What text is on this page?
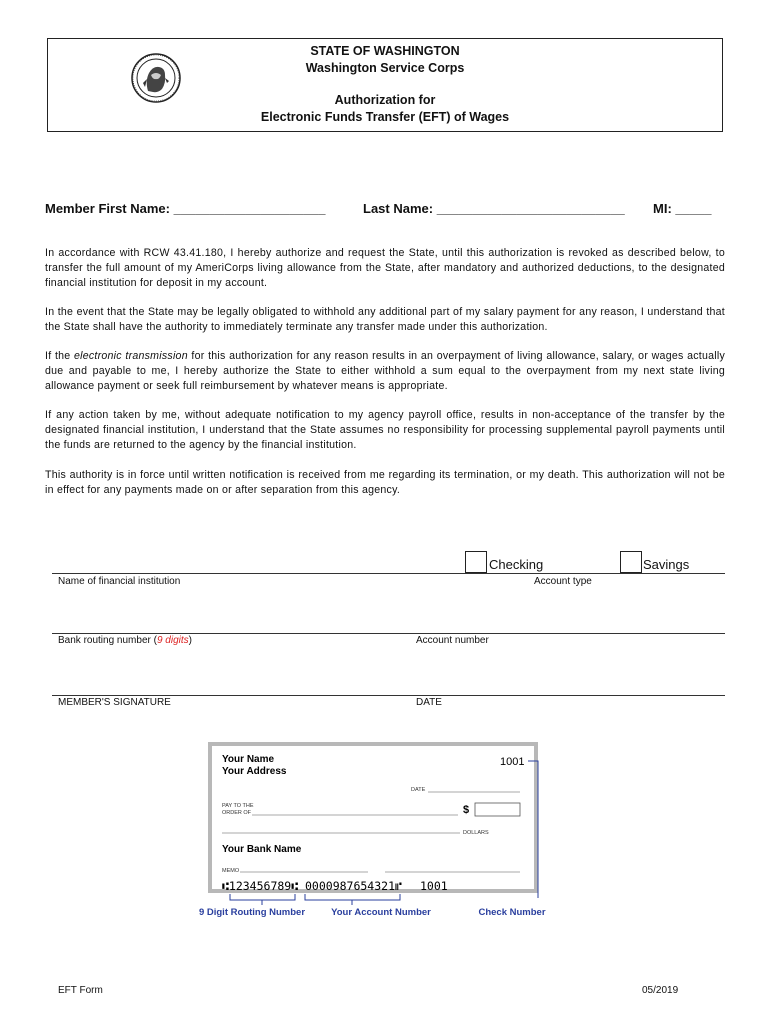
STATE OF WASHINGTON
Washington Service Corps
Authorization for
Electronic Funds Transfer (EFT) of Wages
Member First Name: _____________________	Last Name: __________________________ MI: _____
In accordance with RCW 43.41.180, I hereby authorize and request the State, until this authorization is revoked as described below, to transfer the full amount of my AmeriCorps living allowance from the State, after mandatory and authorized deductions, to the designated financial institution for deposit in my account.
In the event that the State may be legally obligated to withhold any additional part of my salary payment for any reason, I understand that the State shall have the authority to immediately terminate any transfer made under this authorization.
If the electronic transmission for this authorization for any reason results in an overpayment of living allowance, salary, or wages actually due and payable to me, I hereby authorize the State to either withhold a sum equal to the overpayment from my next state living allowance payment or seek full reimbursement by whatever means is appropriate.
If any action taken by me, without adequate notification to my agency payroll office, results in non-acceptance of the transfer by the designated financial institution, I understand that the State assumes no responsibility for processing supplemental payroll payments until the funds are returned to the agency by the financial institution.
This authority is in force until written notification is received from me regarding its termination, or my death. This authorization will not be in effect for any payments made on or after separation from this agency.
Checking	Savings
Name of financial institution	Account type
Bank routing number (9 digits)	Account number
MEMBER'S SIGNATURE	DATE
Your Name
Your Address
1001
DATE
PAY TO THE
ORDER OF	$
DOLLARS
Your Bank Name
MEMO
⑆123456789⑆ 0000987654321⑈ 1001
9 Digit Routing Number	Your Account Number	Check Number
EFT Form	05/2019
